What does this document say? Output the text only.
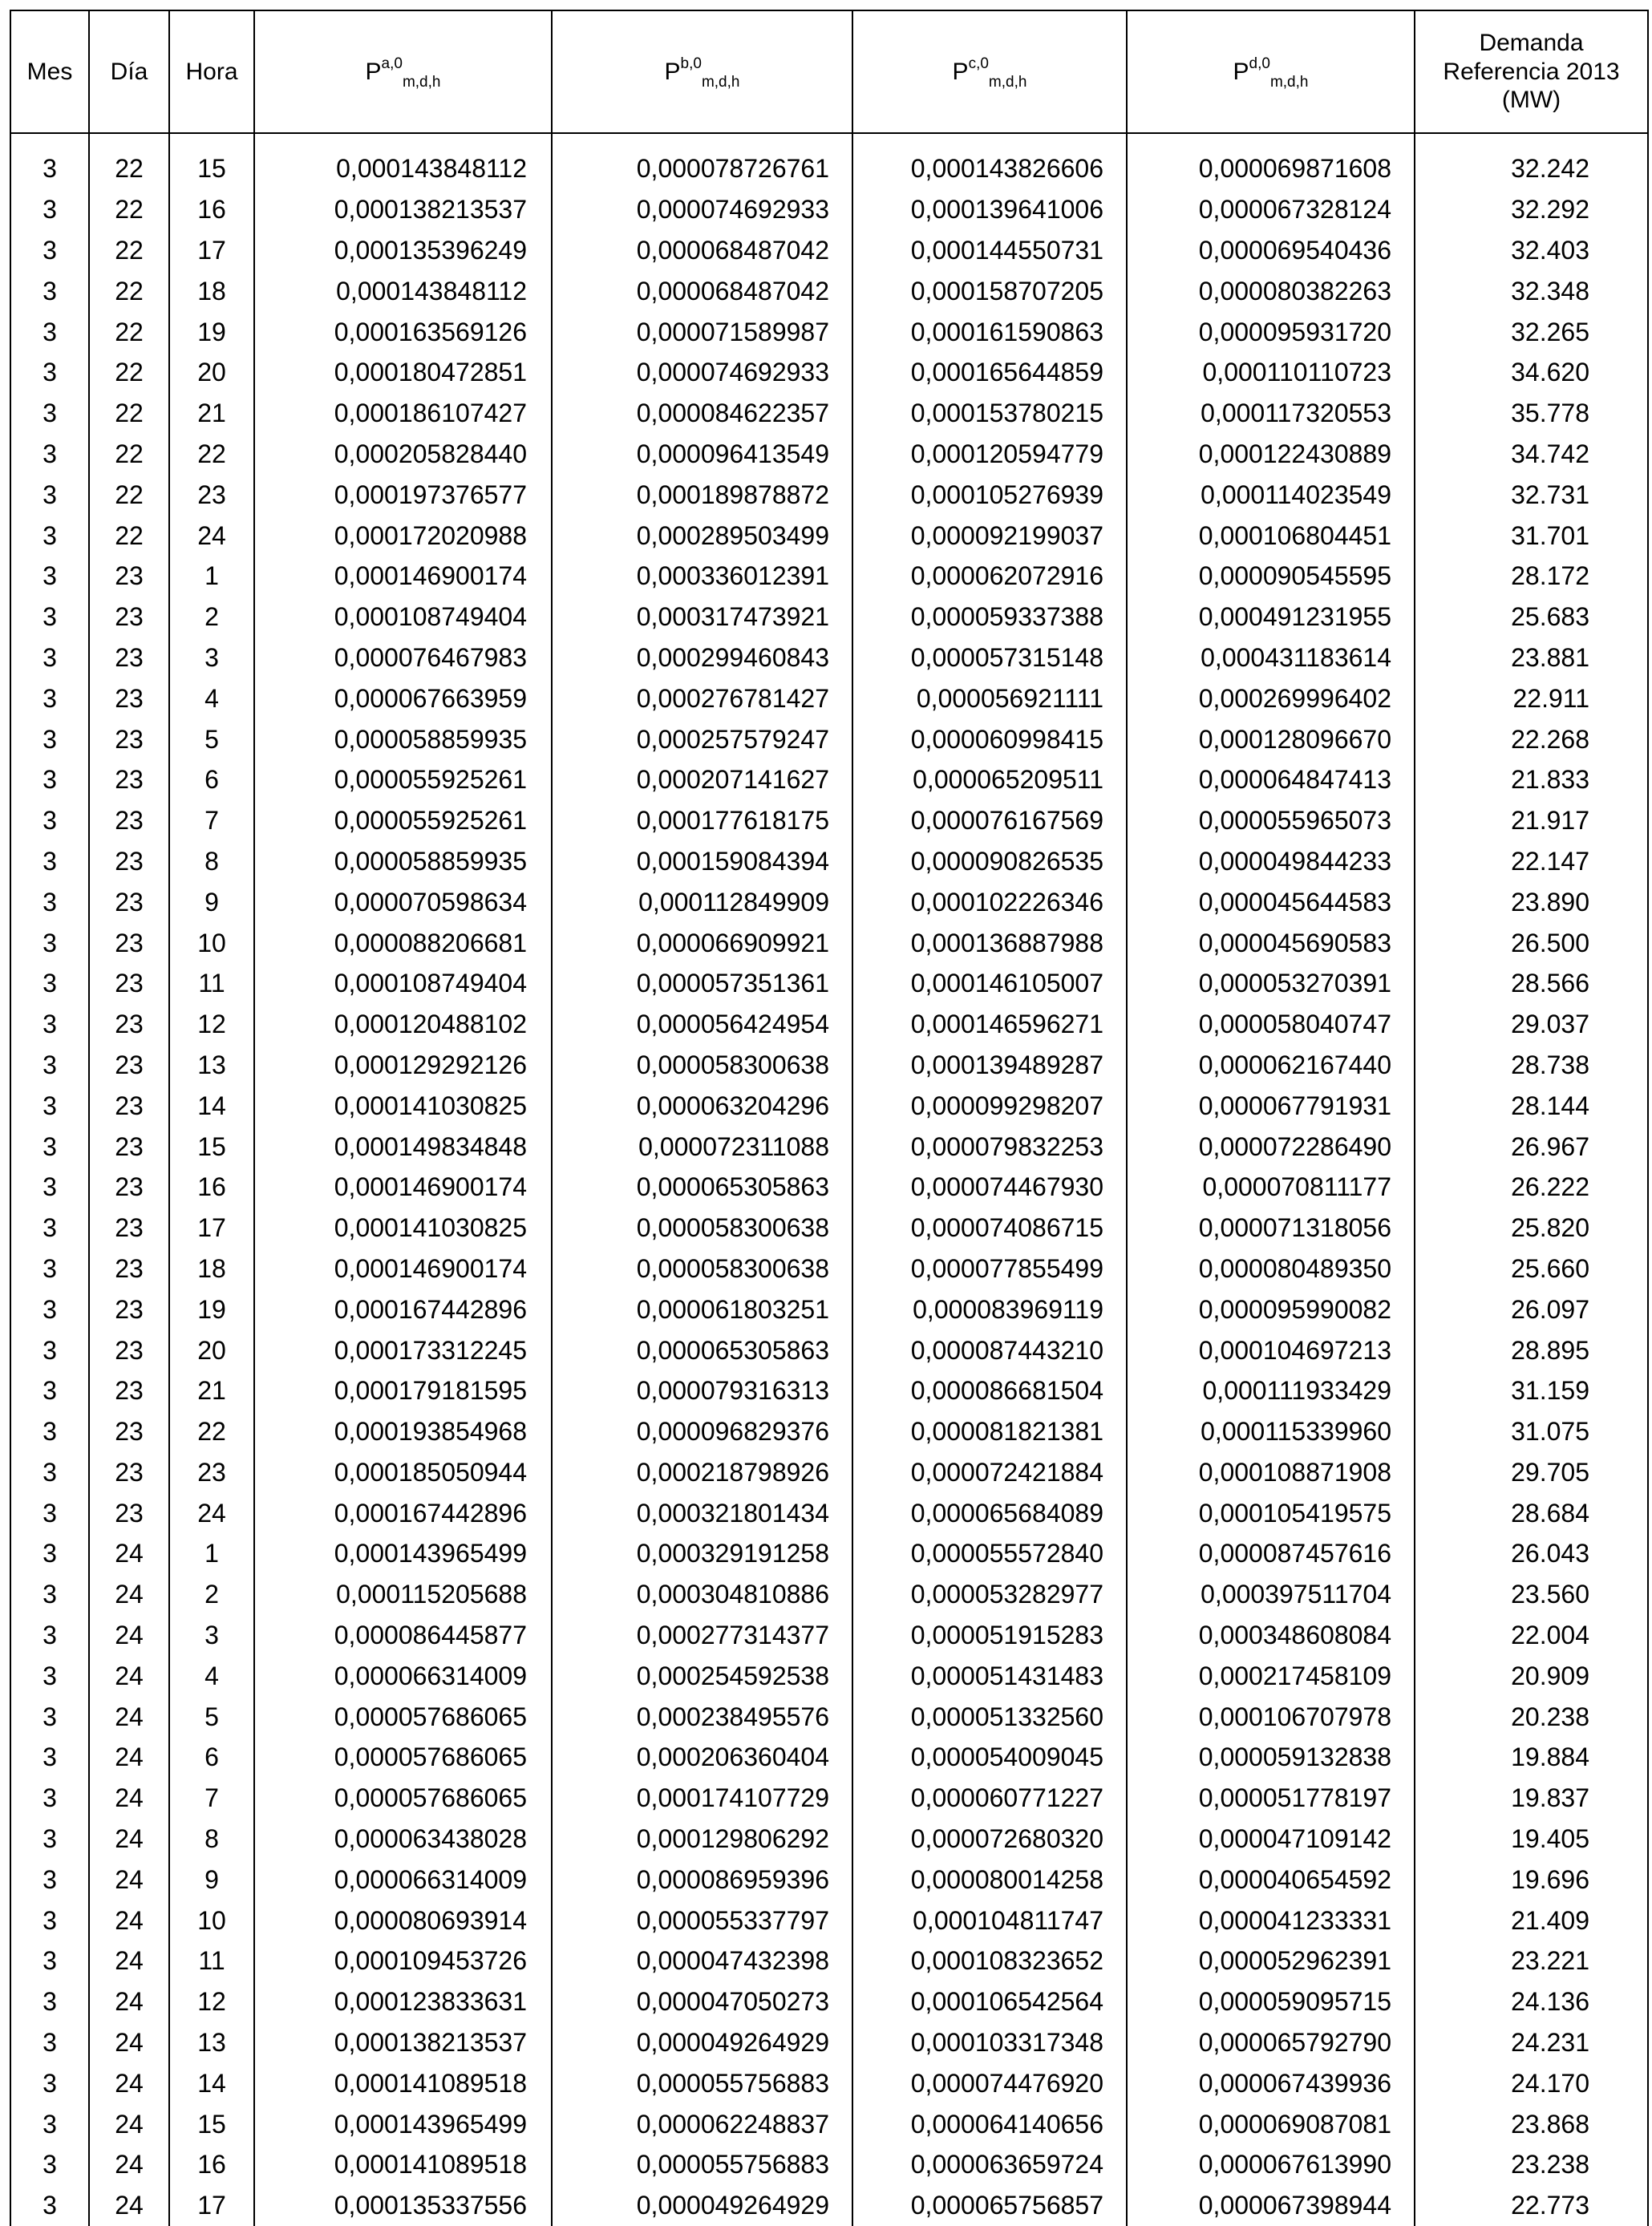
Mes	Día	Hora	P$^{a,0}_{m,d,h}$	P$^{b,0}_{m,d,h}$	P$^{c,0}_{m,d,h}$	P$^{d,0}_{m,d,h}$	Demanda
Referencia 2013
(MW)

3	22	15	0,000143848112	0,000078726761	0,000143826606	0,000069871608	32.242
3	22	16	0,000138213537	0,000074692933	0,000139641006	0,000067328124	32.292
3	22	17	0,000135396249	0,000068487042	0,000144550731	0,000069540436	32.403
3	22	18	0,000143848112	0,000068487042	0,000158707205	0,000080382263	32.348
3	22	19	0,000163569126	0,000071589987	0,000161590863	0,000095931720	32.265
3	22	20	0,000180472851	0,000074692933	0,000165644859	0,000110110723	34.620
3	22	21	0,000186107427	0,000084622357	0,000153780215	0,000117320553	35.778
3	22	22	0,000205828440	0,000096413549	0,000120594779	0,000122430889	34.742
3	22	23	0,000197376577	0,000189878872	0,000105276939	0,000114023549	32.731
3	22	24	0,000172020988	0,000289503499	0,000092199037	0,000106804451	31.701
3	23	1	0,000146900174	0,000336012391	0,000062072916	0,000090545595	28.172
3	23	2	0,000108749404	0,000317473921	0,000059337388	0,000491231955	25.683
3	23	3	0,000076467983	0,000299460843	0,000057315148	0,000431183614	23.881
3	23	4	0,000067663959	0,000276781427	0,000056921111	0,000269996402	22.911
3	23	5	0,000058859935	0,000257579247	0,000060998415	0,000128096670	22.268
3	23	6	0,000055925261	0,000207141627	0,000065209511	0,000064847413	21.833
3	23	7	0,000055925261	0,000177618175	0,000076167569	0,000055965073	21.917
3	23	8	0,000058859935	0,000159084394	0,000090826535	0,000049844233	22.147
3	23	9	0,000070598634	0,000112849909	0,000102226346	0,000045644583	23.890
3	23	10	0,000088206681	0,000066909921	0,000136887988	0,000045690583	26.500
3	23	11	0,000108749404	0,000057351361	0,000146105007	0,000053270391	28.566
3	23	12	0,000120488102	0,000056424954	0,000146596271	0,000058040747	29.037
3	23	13	0,000129292126	0,000058300638	0,000139489287	0,000062167440	28.738
3	23	14	0,000141030825	0,000063204296	0,000099298207	0,000067791931	28.144
3	23	15	0,000149834848	0,000072311088	0,000079832253	0,000072286490	26.967
3	23	16	0,000146900174	0,000065305863	0,000074467930	0,000070811177	26.222
3	23	17	0,000141030825	0,000058300638	0,000074086715	0,000071318056	25.820
3	23	18	0,000146900174	0,000058300638	0,000077855499	0,000080489350	25.660
3	23	19	0,000167442896	0,000061803251	0,000083969119	0,000095990082	26.097
3	23	20	0,000173312245	0,000065305863	0,000087443210	0,000104697213	28.895
3	23	21	0,000179181595	0,000079316313	0,000086681504	0,000111933429	31.159
3	23	22	0,000193854968	0,000096829376	0,000081821381	0,000115339960	31.075
3	23	23	0,000185050944	0,000218798926	0,000072421884	0,000108871908	29.705
3	23	24	0,000167442896	0,000321801434	0,000065684089	0,000105419575	28.684
3	24	1	0,000143965499	0,000329191258	0,000055572840	0,000087457616	26.043
3	24	2	0,000115205688	0,000304810886	0,000053282977	0,000397511704	23.560
3	24	3	0,000086445877	0,000277314377	0,000051915283	0,000348608084	22.004
3	24	4	0,000066314009	0,000254592538	0,000051431483	0,000217458109	20.909
3	24	5	0,000057686065	0,000238495576	0,000051332560	0,000106707978	20.238
3	24	6	0,000057686065	0,000206360404	0,000054009045	0,000059132838	19.884
3	24	7	0,000057686065	0,000174107729	0,000060771227	0,000051778197	19.837
3	24	8	0,000063438028	0,000129806292	0,000072680320	0,000047109142	19.405
3	24	9	0,000066314009	0,000086959396	0,000080014258	0,000040654592	19.696
3	24	10	0,000080693914	0,000055337797	0,000104811747	0,000041233331	21.409
3	24	11	0,000109453726	0,000047432398	0,000108323652	0,000052962391	23.221
3	24	12	0,000123833631	0,000047050273	0,000106542564	0,000059095715	24.136
3	24	13	0,000138213537	0,000049264929	0,000103317348	0,000065792790	24.231
3	24	14	0,000141089518	0,000055756883	0,000074476920	0,000067439936	24.170
3	24	15	0,000143965499	0,000062248837	0,000064140656	0,000069087081	23.868
3	24	16	0,000141089518	0,000055756883	0,000063659724	0,000067613990	23.238
3	24	17	0,000135337556	0,000049264929	0,000065756857	0,000067398944	22.773
